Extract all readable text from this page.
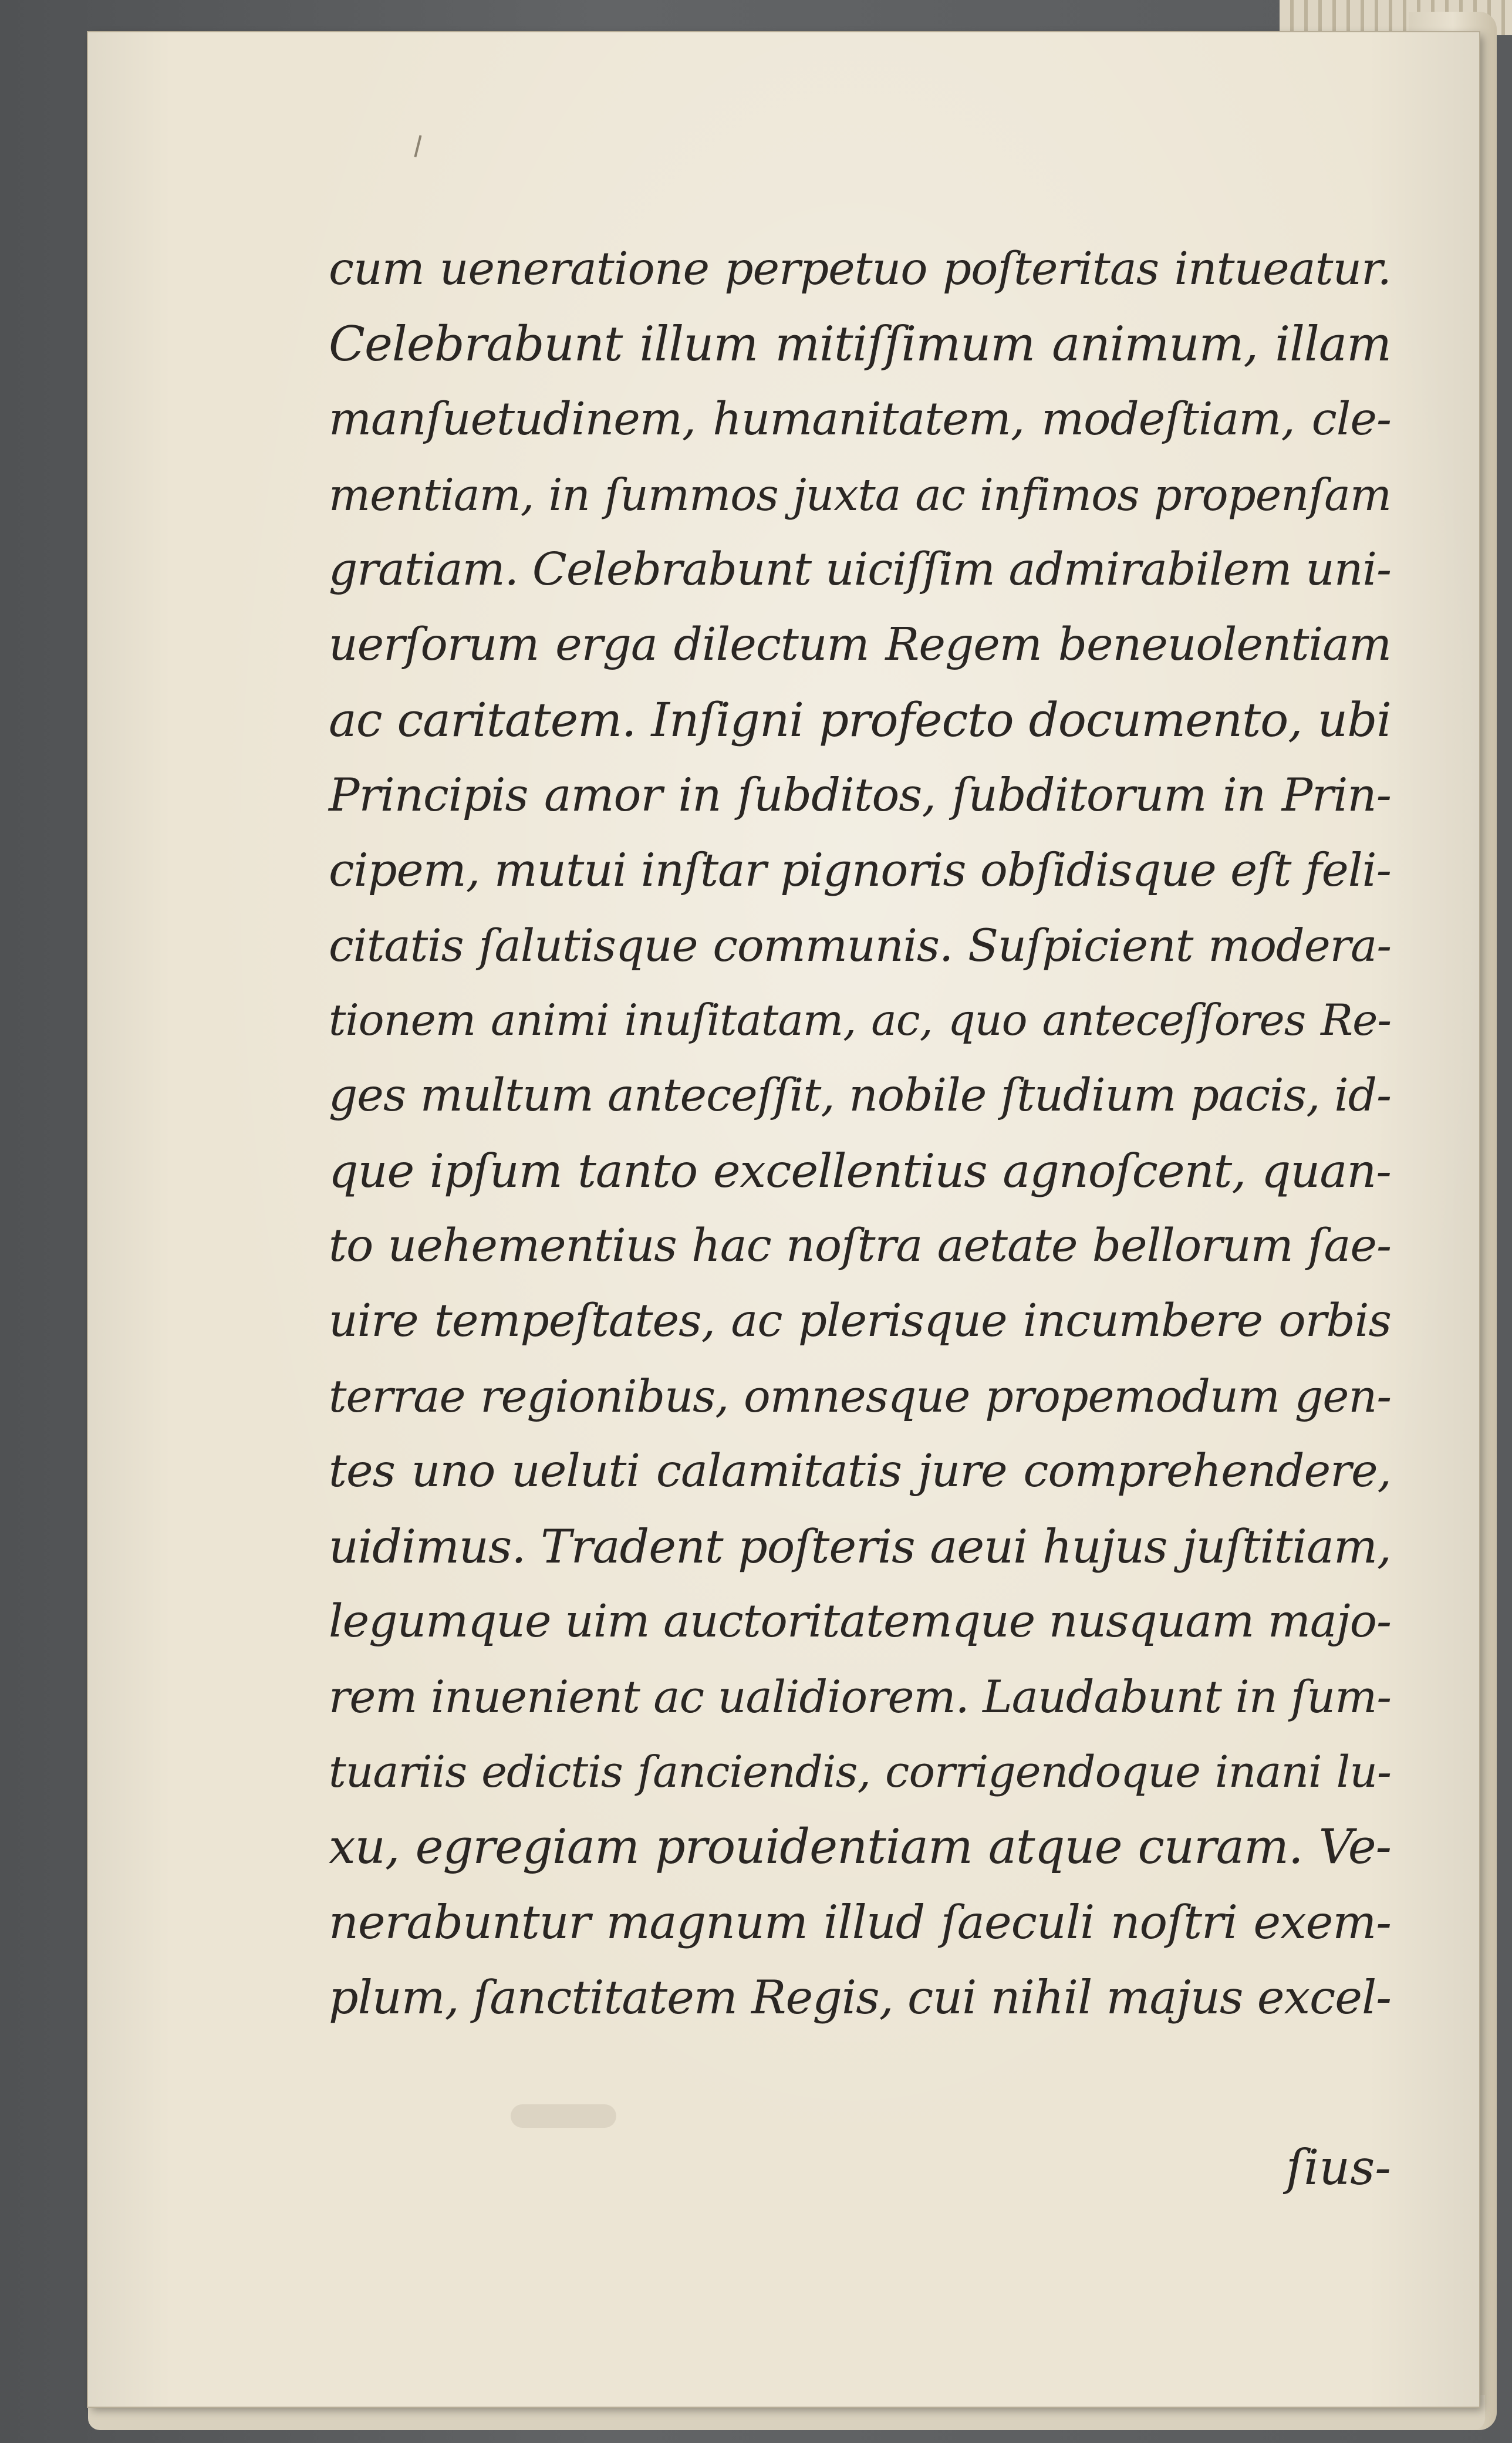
cum ueneratione perpetuo poſteritas intueatur.
Celebrabunt illum mitiſſimum animum, illam
manſuetudinem, humanitatem, modeſtiam, cle-
mentiam, in ſummos juxta ac infimos propenſam
gratiam. Celebrabunt uiciſſim admirabilem uni-
uerſorum erga dilectum Regem beneuolentiam
ac caritatem. Inſigni profecto documento, ubi
Principis amor in ſubditos, ſubditorum in Prin-
cipem, mutui inſtar pignoris obſidisque eſt feli-
citatis ſalutisque communis. Suſpicient modera-
tionem animi inuſitatam, ac, quo anteceſſores Re-
ges multum anteceſſit, nobile ſtudium pacis, id-
que ipſum tanto excellentius agnoſcent, quan-
to uehementius hac noſtra aetate bellorum ſae-
uire tempeſtates, ac plerisque incumbere orbis
terrae regionibus, omnesque propemodum gen-
tes uno ueluti calamitatis jure comprehendere,
uidimus. Tradent poſteris aeui hujus juſtitiam,
legumque uim auctoritatemque nusquam majo-
rem inuenient ac ualidiorem. Laudabunt in ſum-
tuariis edictis ſanciendis, corrigendoque inani lu-
xu, egregiam prouidentiam atque curam. Ve-
nerabuntur magnum illud ſaeculi noſtri exem-
plum, ſanctitatem Regis, cui nihil majus excel-
ſius-
